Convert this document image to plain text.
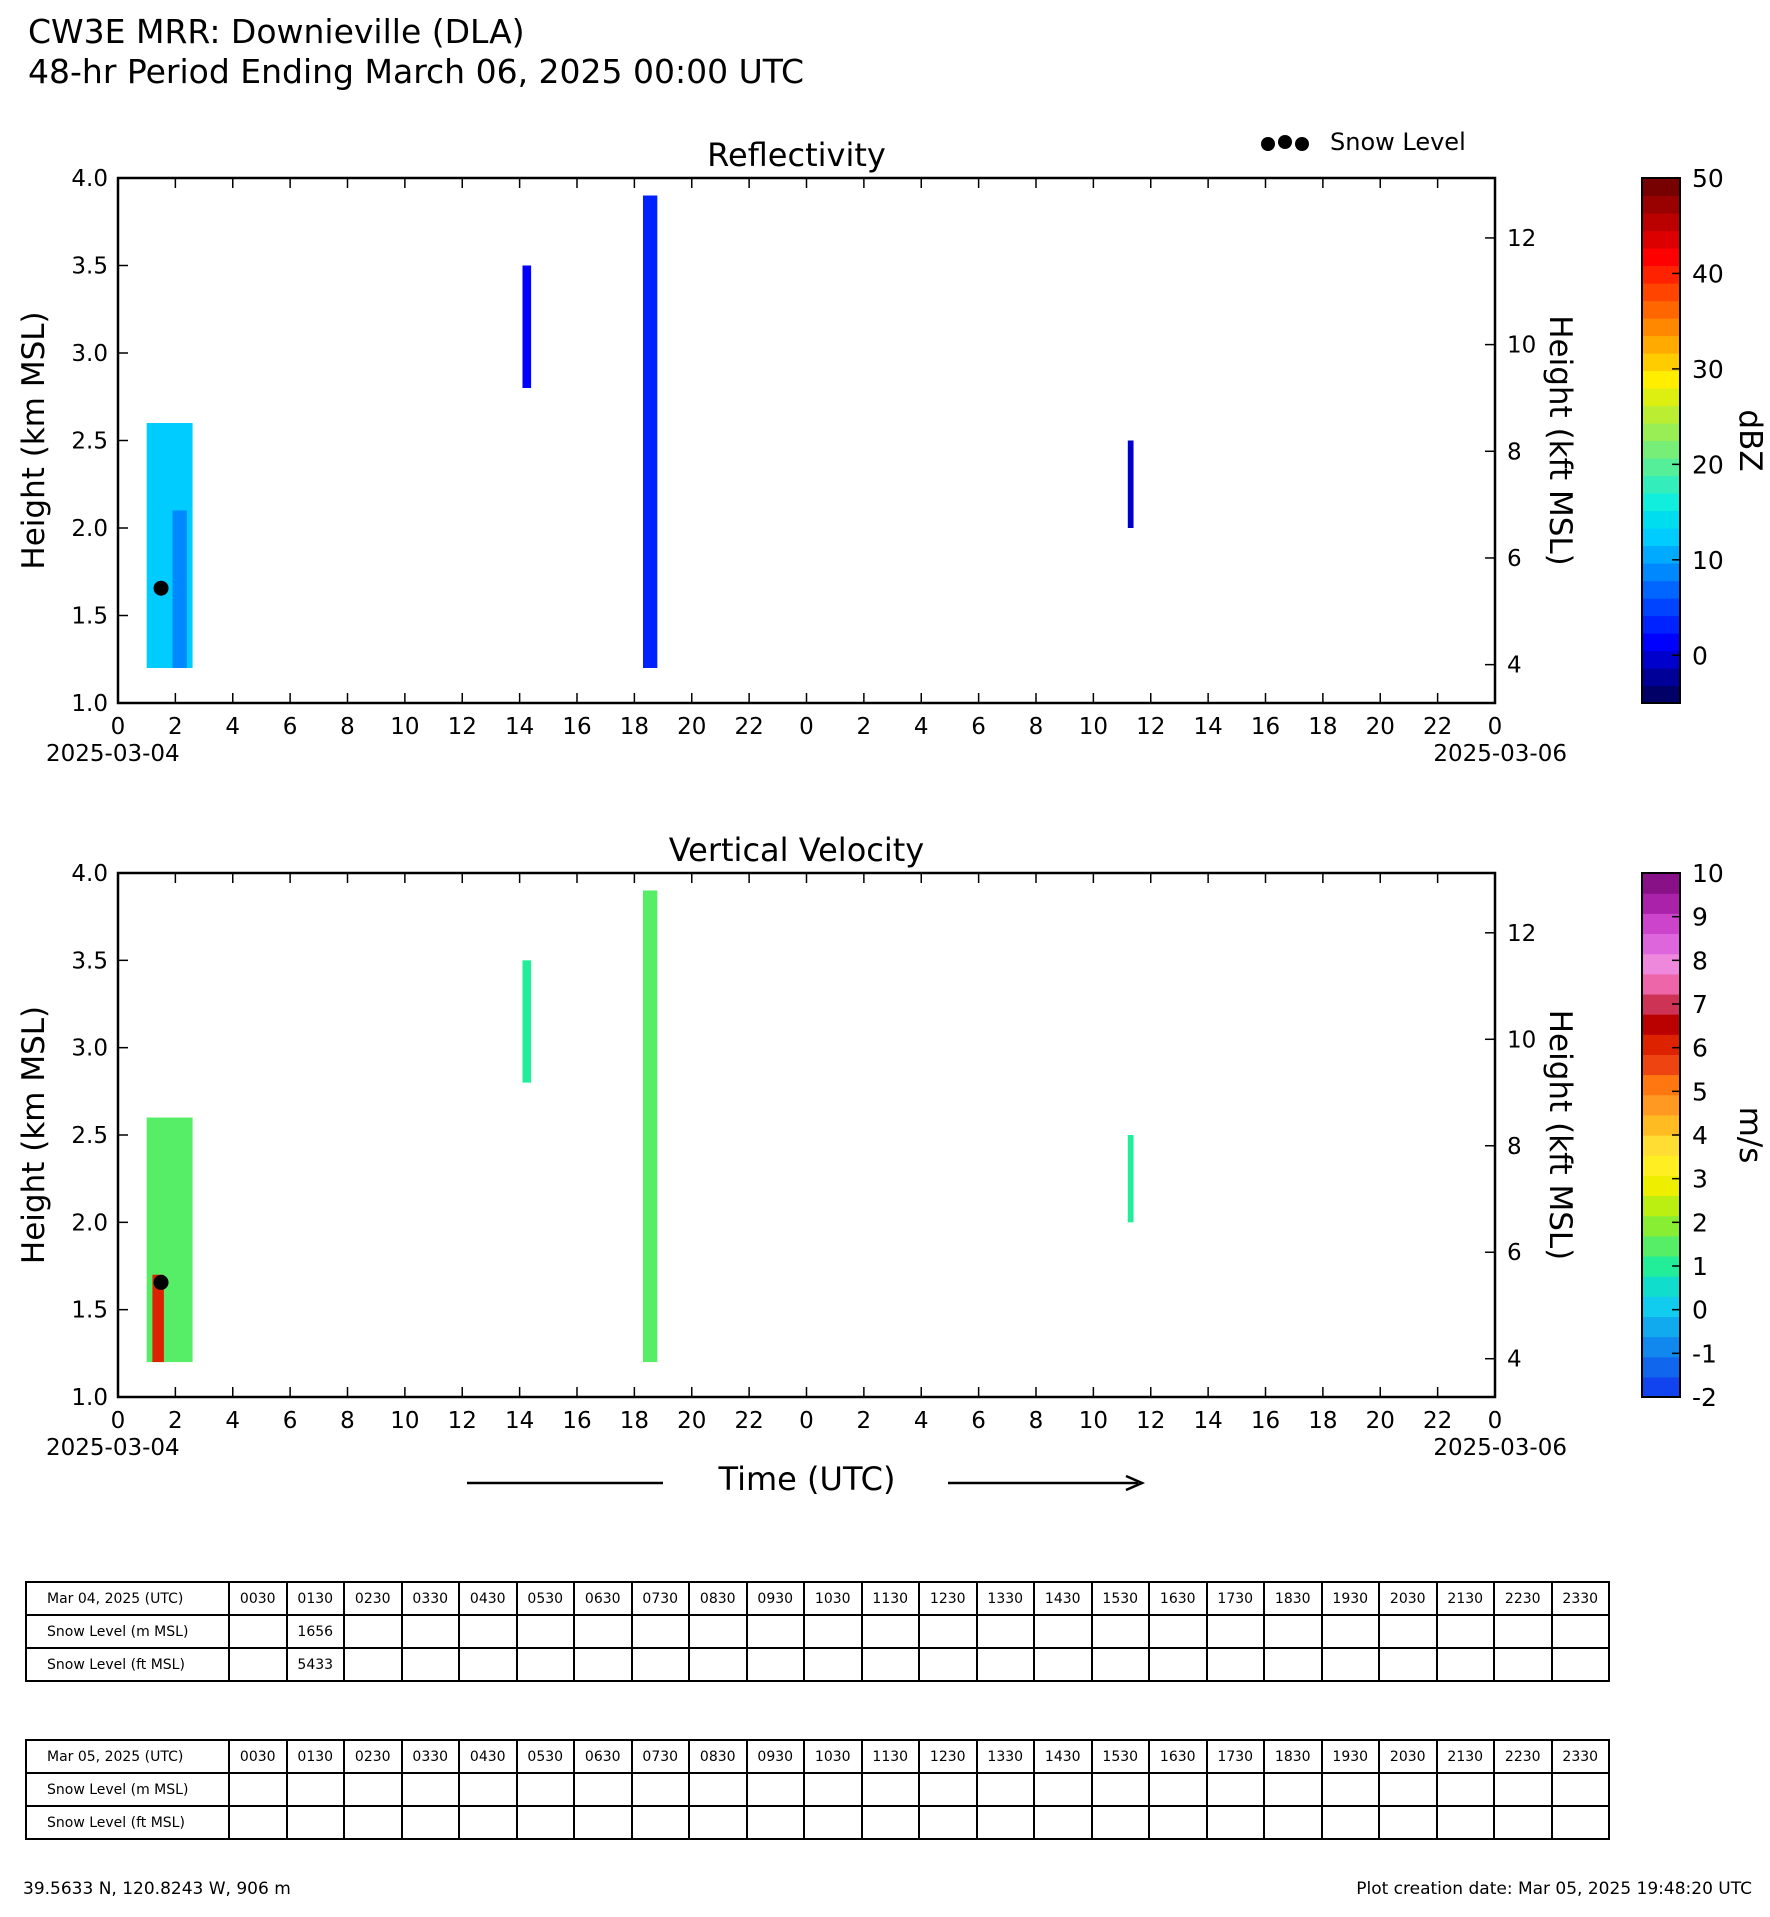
CW3E MRR: Downieville (DLA)
48-hr Period Ending March 06, 2025 00:00 UTC
Snow Level
Reflectivity
0 2 4 6 8 10 12 14 16 18 20 22 0 2 4 6 8 10 12 14 16 18 20 22 0
2025-03-04	2025-03-06
1.0
1.5
2.0
2.5
3.0
3.5
4.0
Height (km MSL)
4
6
8
10
12
Height (kft MSL)
0
10
20
30
40
50
dBZ
Vertical Velocity
0 2 4 6 8 10 12 14 16 18 20 22 0 2 4 6 8 10 12 14 16 18 20 22 0
2025-03-04	2025-03-06
1.0
1.5
2.0
2.5
3.0
3.5
4.0
Height (km MSL)
4
6
8
10
12
Height (kft MSL)
-2
-1
0
1
2
3
4
5
6
7
8
9
10
m/s
Time (UTC)
Mar 04, 2025 (UTC)	0030	0130	0230	0330	0430	0530	0630	0730	0830	0930	1030	1130	1230	1330	1430	1530	1630	1730	1830	1930	2030	2130	2230	2330
Snow Level (m MSL)		1656																						
Snow Level (ft MSL)		5433																						
Mar 05, 2025 (UTC)	0030	0130	0230	0330	0430	0530	0630	0730	0830	0930	1030	1130	1230	1330	1430	1530	1630	1730	1830	1930	2030	2130	2230	2330
Snow Level (m MSL)																								
Snow Level (ft MSL)																								
39.5633 N, 120.8243 W, 906 m	Plot creation date: Mar 05, 2025 19:48:20 UTC
